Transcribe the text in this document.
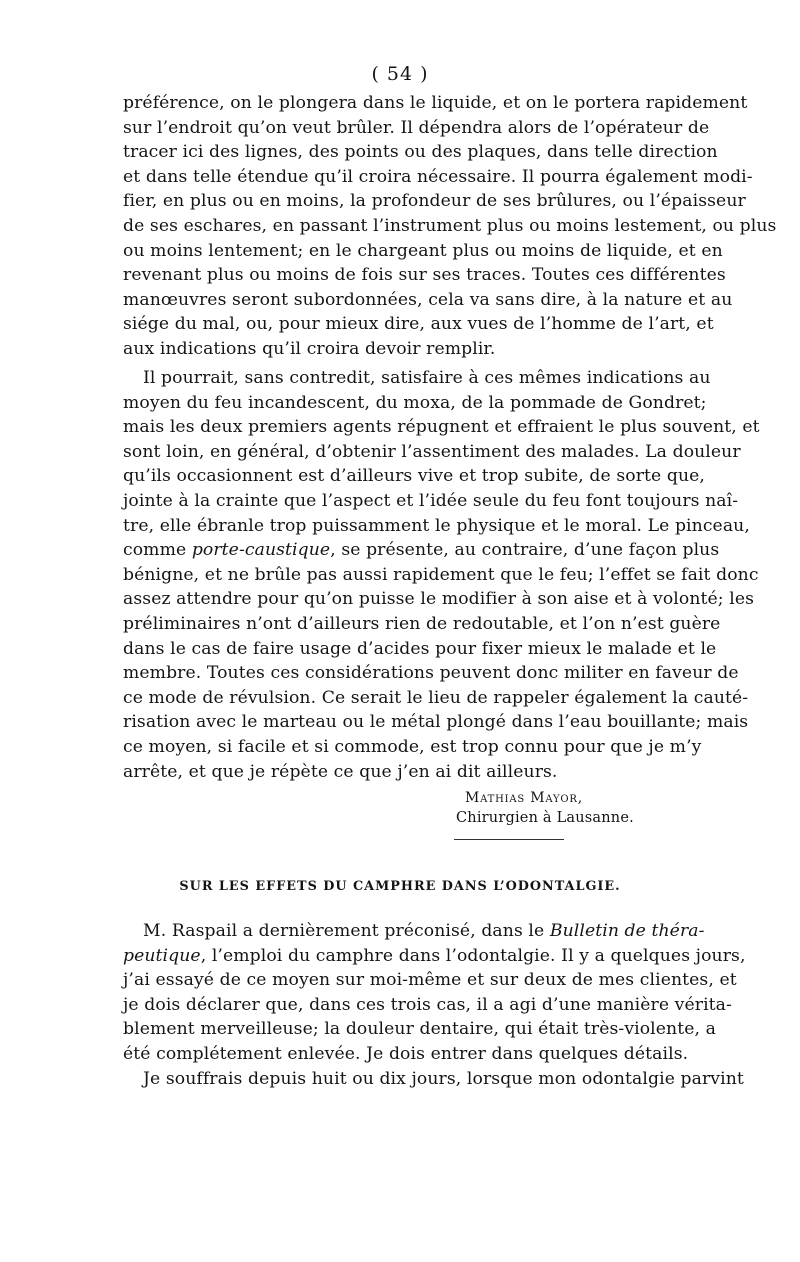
( 54 )
préférence, on le plongera dans le liquide, et on le portera rapidement
sur l’endroit qu’on veut brûler. Il dépendra alors de l’opérateur de
tracer ici des lignes, des points ou des plaques, dans telle direction
et dans telle étendue qu’il croira nécessaire. Il pourra également modi-
fier, en plus ou en moins, la profondeur de ses brûlures, ou l’épaisseur
de ses eschares, en passant l’instrument plus ou moins lestement, ou plus
ou moins lentement; en le chargeant plus ou moins de liquide, et en
revenant plus ou moins de fois sur ses traces. Toutes ces différentes
manœuvres seront subordonnées, cela va sans dire, à la nature et au
siége du mal, ou, pour mieux dire, aux vues de l’homme de l’art, et
aux indications qu’il croira devoir remplir.
Il pourrait, sans contredit, satisfaire à ces mêmes indications au
moyen du feu incandescent, du moxa, de la pommade de Gondret;
mais les deux premiers agents répugnent et effraient le plus souvent, et
sont loin, en général, d’obtenir l’assentiment des malades. La douleur
qu’ils occasionnent est d’ailleurs vive et trop subite, de sorte que,
jointe à la crainte que l’aspect et l’idée seule du feu font toujours naî-
tre, elle ébranle trop puissamment le physique et le moral. Le pinceau,
comme porte-caustique, se présente, au contraire, d’une façon plus
bénigne, et ne brûle pas aussi rapidement que le feu; l’effet se fait donc
assez attendre pour qu’on puisse le modifier à son aise et à volonté; les
préliminaires n’ont d’ailleurs rien de redoutable, et l’on n’est guère
dans le cas de faire usage d’acides pour fixer mieux le malade et le
membre. Toutes ces considérations peuvent donc militer en faveur de
ce mode de révulsion. Ce serait le lieu de rappeler également la cauté-
risation avec le marteau ou le métal plongé dans l’eau bouillante; mais
ce moyen, si facile et si commode, est trop connu pour que je m’y
arrête, et que je répète ce que j’en ai dit ailleurs.
Mathias Mayor,
Chirurgien à Lausanne.
SUR LES EFFETS DU CAMPHRE DANS L’ODONTALGIE.
M. Raspail a dernièrement préconisé, dans le Bulletin de théra-
peutique, l’emploi du camphre dans l’odontalgie. Il y a quelques jours,
j’ai essayé de ce moyen sur moi-même et sur deux de mes clientes, et
je dois déclarer que, dans ces trois cas, il a agi d’une manière vérita-
blement merveilleuse; la douleur dentaire, qui était très-violente, a
été complétement enlevée. Je dois entrer dans quelques détails.
Je souffrais depuis huit ou dix jours, lorsque mon odontalgie parvint
